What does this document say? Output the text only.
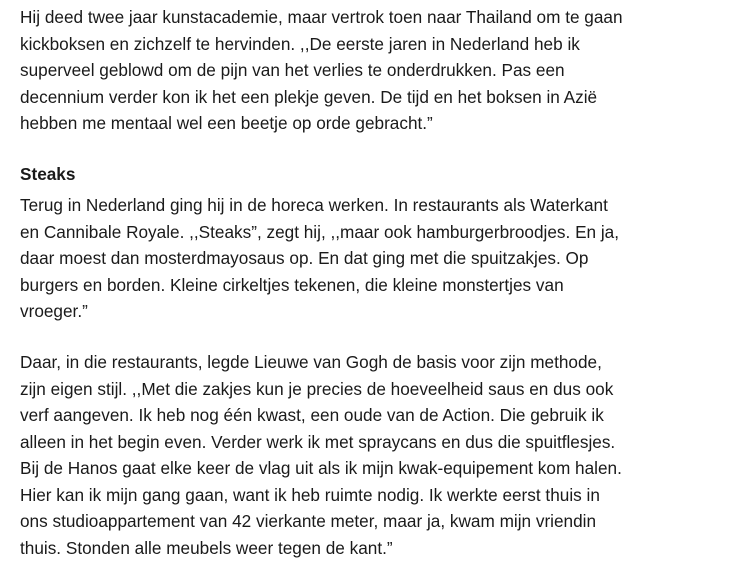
Hij deed twee jaar kunstacademie, maar vertrok toen naar Thailand om te gaan
kickboksen en zichzelf te hervinden. ,,De eerste jaren in Nederland heb ik
superveel geblowd om de pijn van het verlies te onderdrukken. Pas een
decennium verder kon ik het een plekje geven. De tijd en het boksen in Azië
hebben me mentaal wel een beetje op orde gebracht.”

Steaks

Terug in Nederland ging hij in de horeca werken. In restaurants als Waterkant
en Cannibale Royale. ,,Steaks”, zegt hij, ,,maar ook hamburgerbroodjes. En ja,
daar moest dan mosterdmayosaus op. En dat ging met die spuitzakjes. Op
burgers en borden. Kleine cirkeltjes tekenen, die kleine monstertjes van
vroeger.”

Daar, in die restaurants, legde Lieuwe van Gogh de basis voor zijn methode,
zijn eigen stijl. ,,Met die zakjes kun je precies de hoeveelheid saus en dus ook
verf aangeven. Ik heb nog één kwast, een oude van de Action. Die gebruik ik
alleen in het begin even. Verder werk ik met spraycans en dus die spuitflesjes.
Bij de Hanos gaat elke keer de vlag uit als ik mijn kwak-equipement kom halen.
Hier kan ik mijn gang gaan, want ik heb ruimte nodig. Ik werkte eerst thuis in
ons studioappartement van 42 vierkante meter, maar ja, kwam mijn vriendin
thuis. Stonden alle meubels weer tegen de kant.”
